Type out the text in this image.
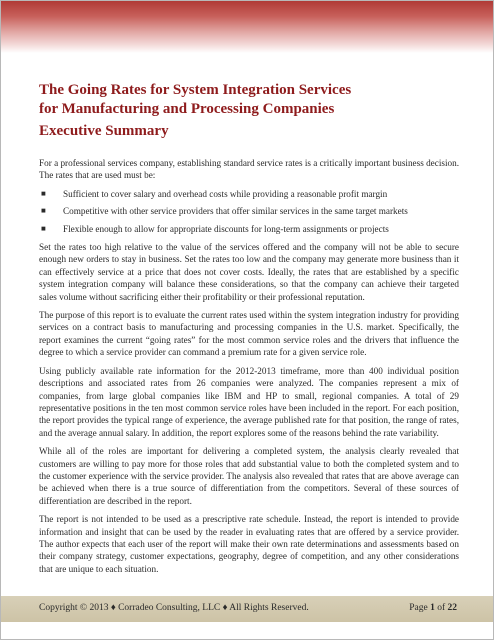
The Going Rates for System Integration Services
for Manufacturing and Processing Companies
Executive Summary

For a professional services company, establishing standard service rates is a critically important business decision. The rates that are used must be:

■ Sufficient to cover salary and overhead costs while providing a reasonable profit margin
■ Competitive with other service providers that offer similar services in the same target markets
■ Flexible enough to allow for appropriate discounts for long-term assignments or projects

Set the rates too high relative to the value of the services offered and the company will not be able to secure enough new orders to stay in business. Set the rates too low and the company may generate more business than it can effectively service at a price that does not cover costs. Ideally, the rates that are established by a specific system integration company will balance these considerations, so that the company can achieve their targeted sales volume without sacrificing either their profitability or their professional reputation.

The purpose of this report is to evaluate the current rates used within the system integration industry for providing services on a contract basis to manufacturing and processing companies in the U.S. market. Specifically, the report examines the current “going rates” for the most common service roles and the drivers that influence the degree to which a service provider can command a premium rate for a given service role.

Using publicly available rate information for the 2012-2013 timeframe, more than 400 individual position descriptions and associated rates from 26 companies were analyzed. The companies represent a mix of companies, from large global companies like IBM and HP to small, regional companies. A total of 29 representative positions in the ten most common service roles have been included in the report. For each position, the report provides the typical range of experience, the average published rate for that position, the range of rates, and the average annual salary. In addition, the report explores some of the reasons behind the rate variability.

While all of the roles are important for delivering a completed system, the analysis clearly revealed that customers are willing to pay more for those roles that add substantial value to both the completed system and to the customer experience with the service provider. The analysis also revealed that rates that are above average can be achieved when there is a true source of differentiation from the competitors. Several of these sources of differentiation are described in the report.

The report is not intended to be used as a prescriptive rate schedule. Instead, the report is intended to provide information and insight that can be used by the reader in evaluating rates that are offered by a service provider. The author expects that each user of the report will make their own rate determinations and assessments based on their company strategy, customer expectations, geography, degree of competition, and any other considerations that are unique to each situation.

Copyright © 2013 ♦ Corradeo Consulting, LLC ♦ All Rights Reserved.	Page 1 of 22
